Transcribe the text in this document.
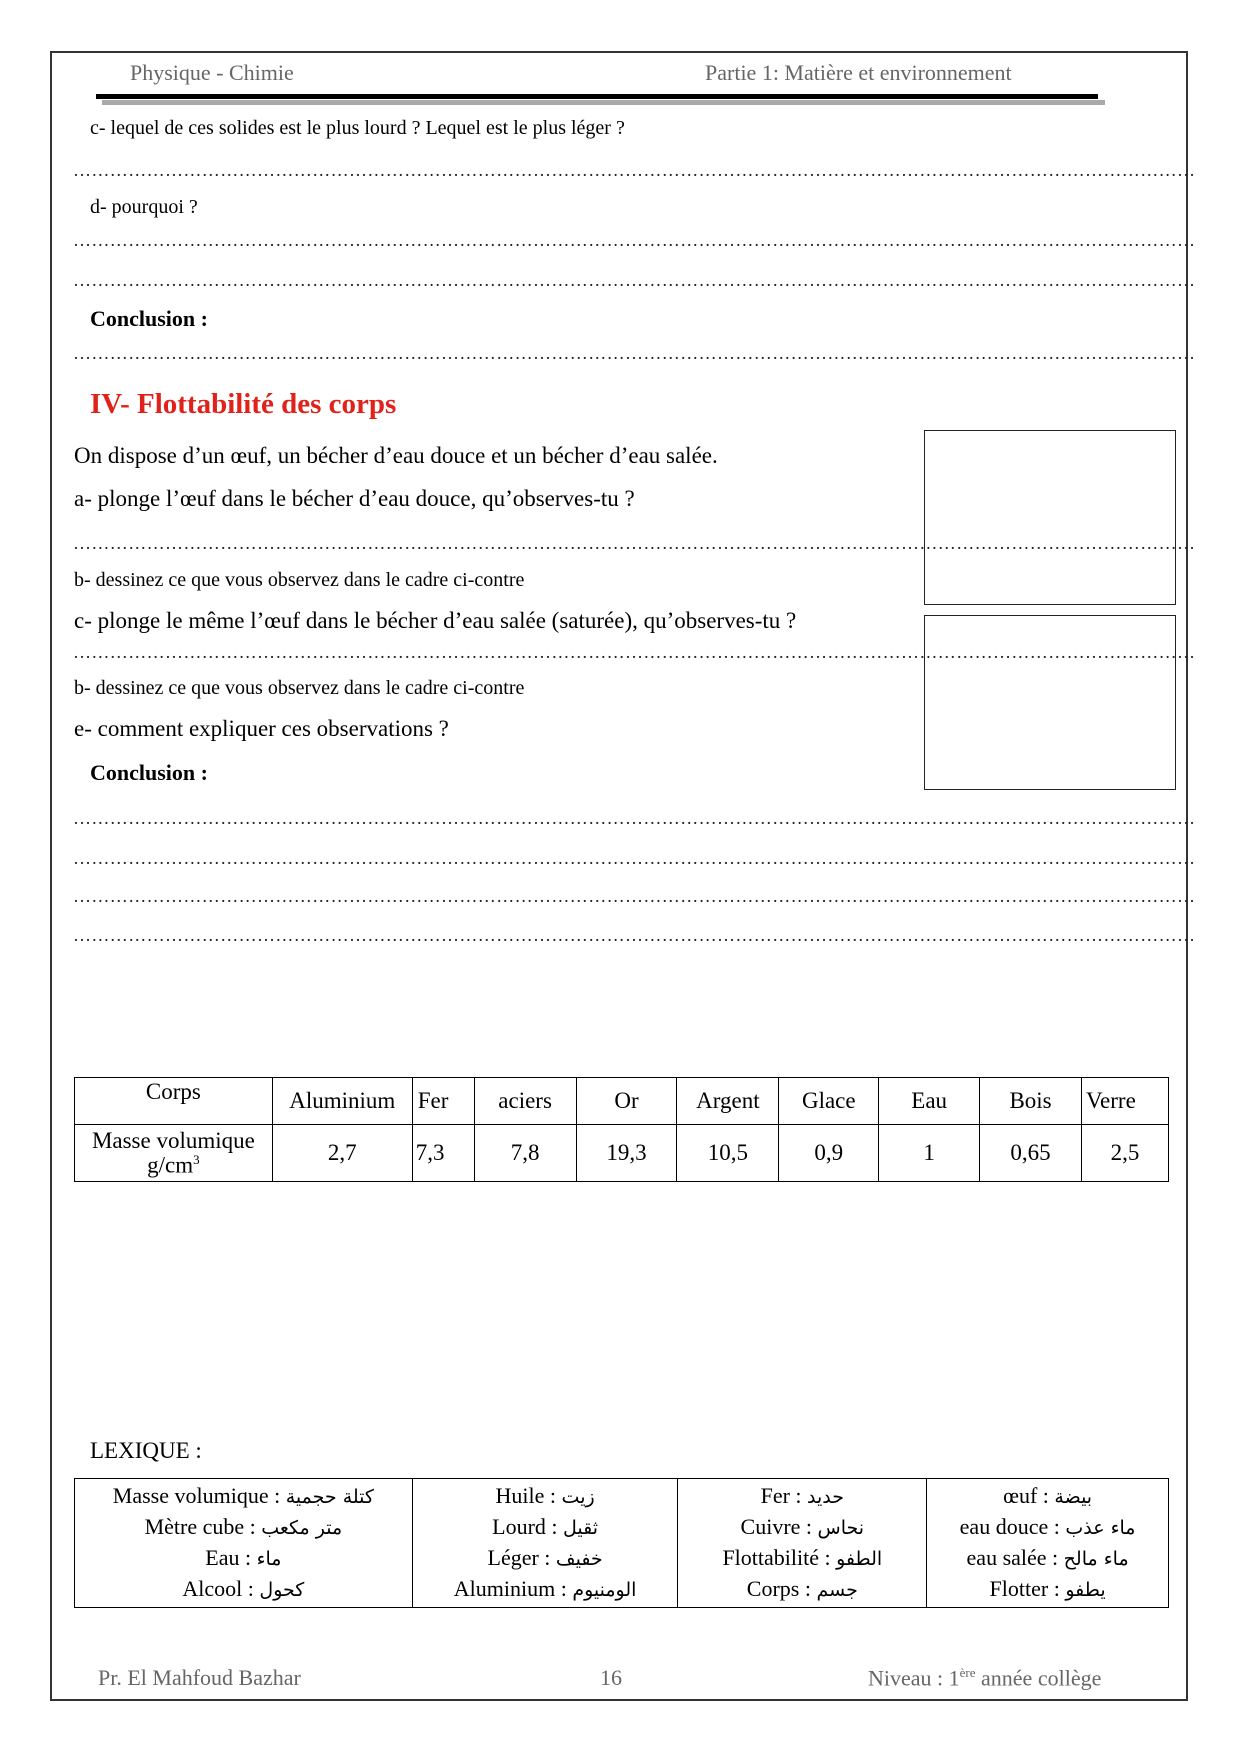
Physique - Chimie	Partie 1: Matière et environnement
c- lequel de ces solides est le plus lourd ? Lequel est le plus léger ?
…………………………………………………………………………………………………………………………………………………………………
d- pourquoi ?
…………………………………………………………………………………………………………………………………………………………………
…………………………………………………………………………………………………………………………………………………………………
Conclusion :
…………………………………………………………………………………………………………………………………………………………………
IV- Flottabilité des corps
On dispose d’un œuf, un bécher d’eau douce et un bécher d’eau salée.
a- plonge l’œuf dans le bécher d’eau douce, qu’observes-tu ?
…………………………………………………………………………………………………………………………………………………………………
b- dessinez ce que vous observez dans le cadre ci-contre
c- plonge le même l’œuf dans le bécher d’eau salée (saturée), qu’observes-tu ?
…………………………………………………………………………………………………………………………………………………………………
b- dessinez ce que vous observez dans le cadre ci-contre
e- comment expliquer ces observations ?
Conclusion :
…………………………………………………………………………………………………………………………………………………………………
…………………………………………………………………………………………………………………………………………………………………
…………………………………………………………………………………………………………………………………………………………………
…………………………………………………………………………………………………………………………………………………………………
Corps	Aluminium	Fer	aciers	Or	Argent	Glace	Eau	Bois	Verre
Masse volumique
$g/cm^3$	2,7	7,3	7,8	19,3	10,5	0,9	1	0,65	2,5
LEXIQUE :
Masse volumique : كتلة حجمية
Mètre cube : متر مكعب
Eau : ماء
Alcool : كحول

Huile : زيت
Lourd : ثقيل
Léger : خفيف
Aluminium : الومنيوم

Fer : حديد
Cuivre : نحاس
Flottabilité : الطفو
Corps : جسم

œuf : بيضة
eau douce : ماء عذب
eau salée : ماء مالح
Flotter : يطفو
Pr. El Mahfoud Bazhar	16	Niveau : 1ère année collège
